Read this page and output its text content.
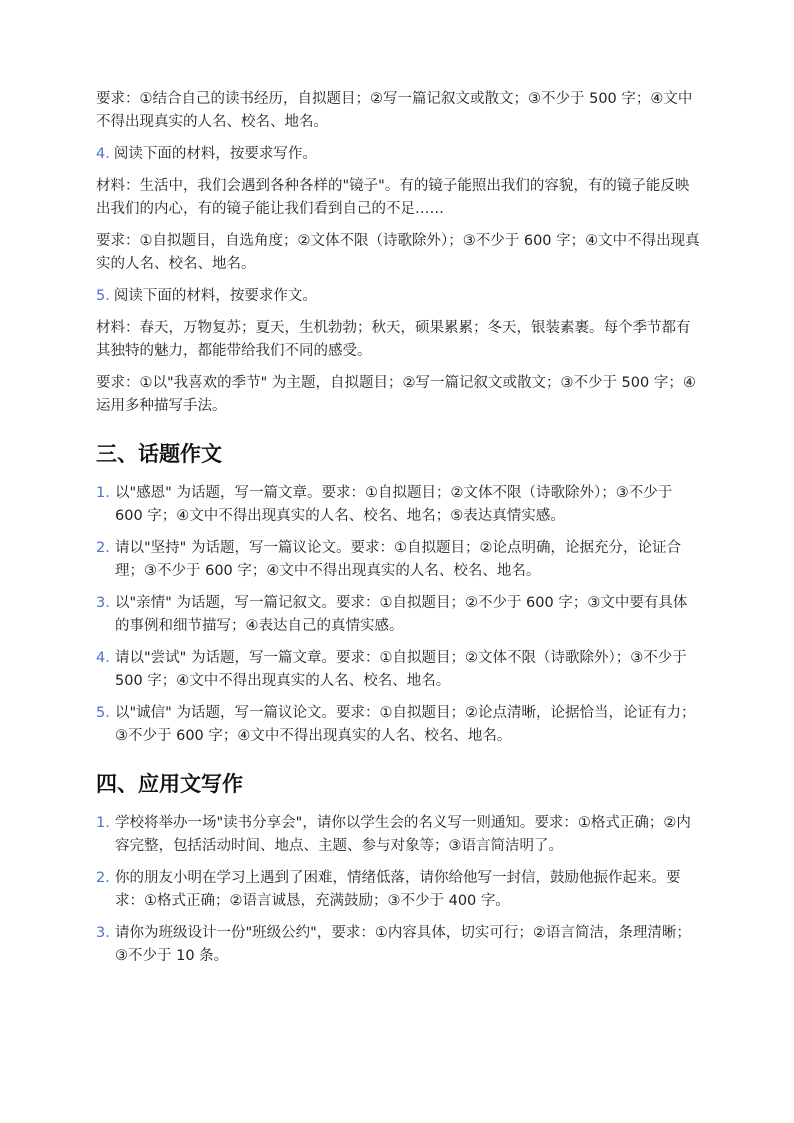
要求：①结合自己的读书经历，自拟题目；②写一篇记叙文或散文；③不少于 500 字；④文中不得出现真实的人名、校名、地名。

4. 阅读下面的材料，按要求写作。

材料：生活中，我们会遇到各种各样的"镜子"。有的镜子能照出我们的容貌，有的镜子能反映出我们的内心，有的镜子能让我们看到自己的不足……

要求：①自拟题目，自选角度；②文体不限（诗歌除外）；③不少于 600 字；④文中不得出现真实的人名、校名、地名。

5. 阅读下面的材料，按要求作文。

材料：春天，万物复苏；夏天，生机勃勃；秋天，硕果累累；冬天，银装素裹。每个季节都有其独特的魅力，都能带给我们不同的感受。

要求：①以"我喜欢的季节" 为主题，自拟题目；②写一篇记叙文或散文；③不少于 500 字；④运用多种描写手法。

三、话题作文
1. 以"感恩" 为话题，写一篇文章。要求：①自拟题目；②文体不限（诗歌除外）；③不少于 600 字；④文中不得出现真实的人名、校名、地名；⑤表达真情实感。
2. 请以"坚持" 为话题，写一篇议论文。要求：①自拟题目；②论点明确，论据充分，论证合理；③不少于 600 字；④文中不得出现真实的人名、校名、地名。
3. 以"亲情" 为话题，写一篇记叙文。要求：①自拟题目；②不少于 600 字；③文中要有具体的事例和细节描写；④表达自己的真情实感。
4. 请以"尝试" 为话题，写一篇文章。要求：①自拟题目；②文体不限（诗歌除外）；③不少于 500 字；④文中不得出现真实的人名、校名、地名。
5. 以"诚信" 为话题，写一篇议论文。要求：①自拟题目；②论点清晰，论据恰当，论证有力；③不少于 600 字；④文中不得出现真实的人名、校名、地名。
四、应用文写作
1. 学校将举办一场"读书分享会"，请你以学生会的名义写一则通知。要求：①格式正确；②内容完整，包括活动时间、地点、主题、参与对象等；③语言简洁明了。
2. 你的朋友小明在学习上遇到了困难，情绪低落，请你给他写一封信，鼓励他振作起来。要求：①格式正确；②语言诚恳，充满鼓励；③不少于 400 字。
3. 请你为班级设计一份"班级公约"，要求：①内容具体，切实可行；②语言简洁，条理清晰；③不少于 10 条。
